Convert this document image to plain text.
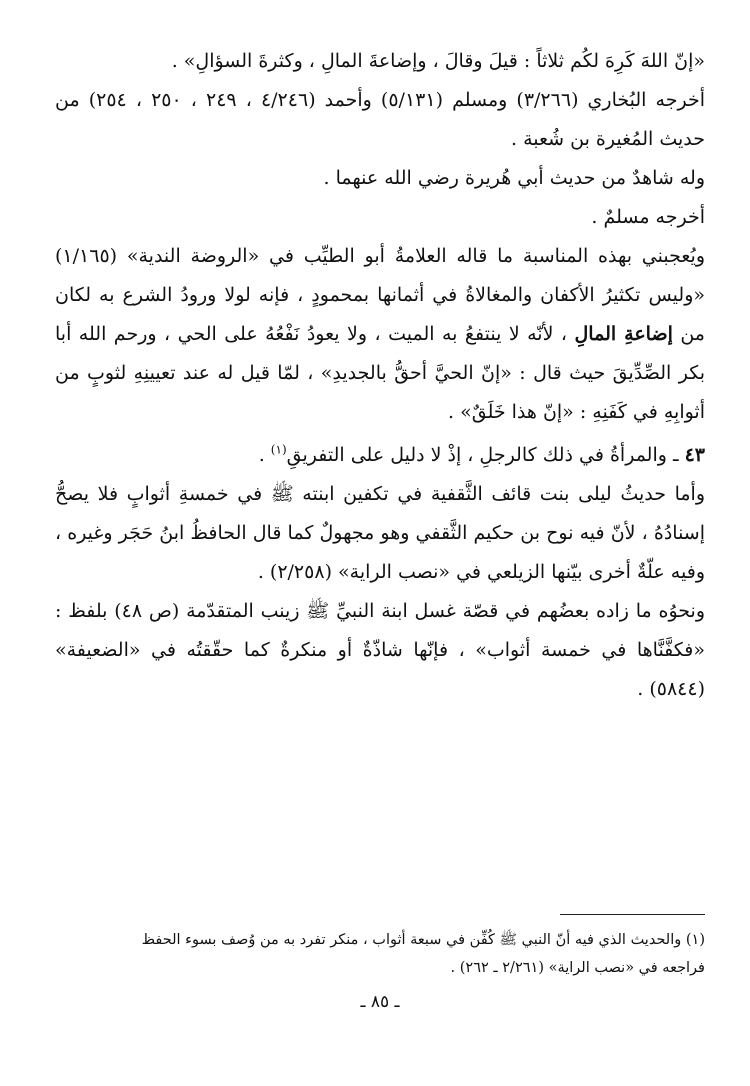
«إنّ اللهَ كَرِهَ لكُم ثلاثاً : قيلَ وقالَ ، وإضاعةَ المالِ ، وكثرةَ السؤالِ» .

أخرجه البُخاري (٣/٢٦٦) ومسلم (٥/١٣١) وأحمد (٤/٢٤٦ ، ٢٤٩ ، ٢٥٠ ، ٢٥٤) من حديث المُغيرة بن شُعبة .

وله شاهدٌ من حديث أبي هُريرة رضي الله عنهما .

أخرجه مسلمٌ .

ويُعجبني بهذه المناسبة ما قاله العلامةُ أبو الطيِّب في «الروضة الندية» (١/١٦٥) «وليس تكثيرُ الأكفان والمغالاةُ في أثمانها بمحمودٍ ، فإنه لولا ورودُ الشرع به لكان من إضاعةِ المالِ ، لأنّه لا ينتفعُ به الميت ، ولا يعودُ نَفْعُهُ على الحي ، ورحم الله أبا بكر الصِّدِّيقَ حيث قال : «إنّ الحيَّ أحقُّ بالجديدِ» ، لمّا قيل له عند تعيينِهِ لثوبٍ من أثوابِهِ في كَفَنِهِ : «إنّ هذا خَلَقٌ» .

٤٣ ـ والمرأةُ في ذلك كالرجلِ ، إذْ لا دليل على التفريقِ$^{(١)}$ .

وأما حديثُ ليلى بنت قائف الثَّقفية في تكفين ابنته ﷺ في خمسةِ أثوابٍ فلا يصحُّ إسنادُهُ ، لأنّ فيه نوح بن حكيم الثَّقفي وهو مجهولٌ كما قال الحافظُ ابنُ حَجَر وغيره ، وفيه علّةٌ أخرى بيّنها الزيلعي في «نصب الراية» (٢/٢٥٨) .

ونحوُه ما زاده بعضُهم في قصّة غسل ابنة النبيِّ ﷺ زينب المتقدّمة (ص ٤٨) بلفظ : «فكفَّنَّاها في خمسة أثواب» ، فإنّها شاذّةٌ أو منكرةٌ كما حقّقتُه في «الضعيفة» (٥٨٤٤) .

(١) والحديث الذي فيه أنّ النبي ﷺ كُفِّن في سبعة أثواب ، منكر تفرد به من وُصف بسوء الحفظ

فراجعه في «نصب الراية» (٢/٢٦١ ـ ٢٦٢) .

ـ ٨٥ ـ
